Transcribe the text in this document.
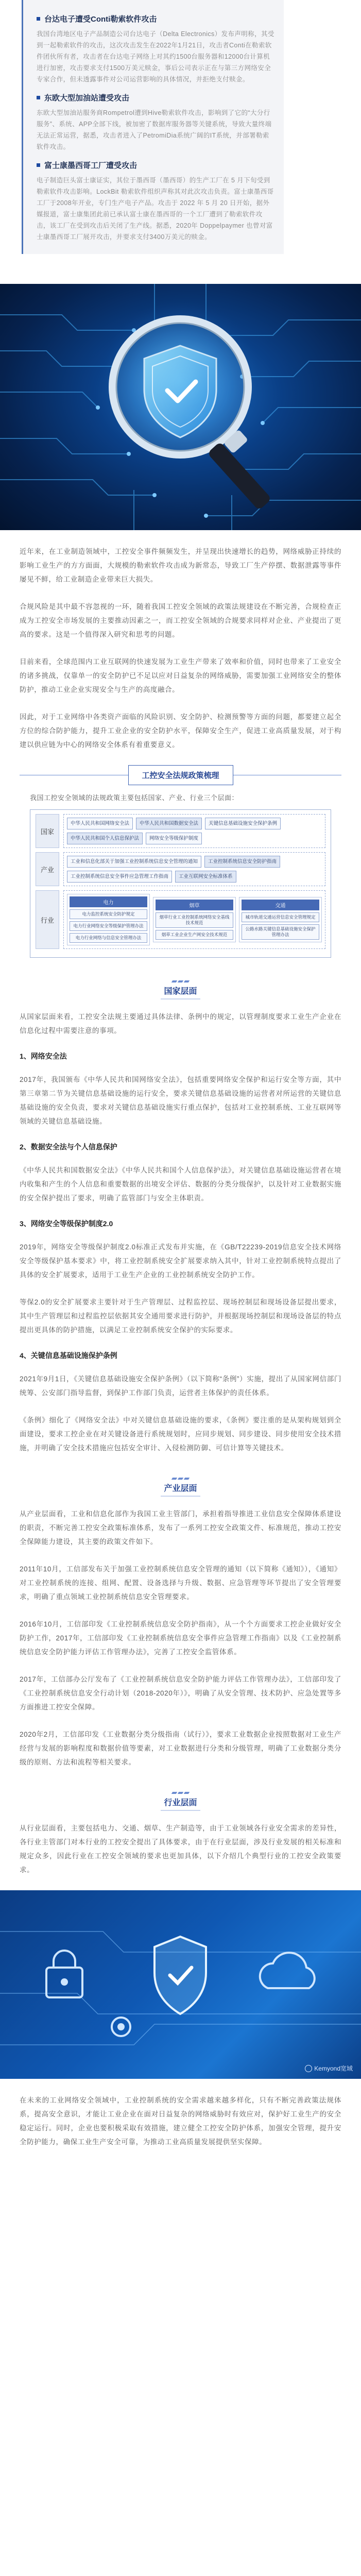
台达电子遭受Conti勒索软件攻击

我国台湾地区电子产品制造公司台达电子（Delta Electronics）发布声明称，其受到一起勒索软件的攻击，这次攻击发生在2022年1月21日，攻击者Conti在勒索软件团伙所有者，攻击者在台达电子网络上对其约1500台服务器和12000台计算机进行加密，攻击要求支付1500万美元赎金，事后公司表示正在与第三方网络安全专家合作，但未透露事件对公司运营影响的具体情况，并拒绝支付赎金。

东欧大型加油站遭受攻击

东欧大型加油站服务商Rompetrol遭到Hive勒索软件攻击，影响到了它的“大分行服务”、系统、APP全部下线，被加密了数据库服务器等关键系统，导致大量终端无法正常运营，据悉，攻击者进入了PetromiDia系统广阔的IT系统，并部署勒索软件攻击。

富士康墨西哥工厂遭受攻击

电子制造巨头富士康证实，其位于墨西哥（墨西哥）的生产工厂在 5 月下旬受到勒索软件攻击影响。LockBit 勒索软件组织声称其对此次攻击负责。富士康墨西哥工厂于2008年开业，专门生产电子产品。攻击于 2022 年 5 月 20 日开始，据外媒报道，富士康集团此前已承认富士康在墨西哥的一个工厂遭到了勒索软件攻击，该工厂在受到攻击后关闭了生产线。据悉，2020年 Doppelpaymer 也曾对富士康墨西哥工厂展开攻击，并要求支付3400万美元的赎金。

近年来，在工业制造领域中，工控安全事件频频发生，并呈现出快速增长的趋势，网络威胁正持续的影响工业生产的方方面面，大规模的勒索软件攻击成为新常态，导致工厂生产停摆、数据泄露等事件屡见不鲜，给工业制造企业带来巨大损失。
合规风险是其中最不容忽视的一环，随着我国工控安全领域的政策法规建设在不断完善，合规检查正成为工控安全市场发展的主要推动因素之一，而工控安全领域的合规要求同样对企业、产业提出了更高的要求。这是一个值得深入研究和思考的问题。
目前来看，全球范围内工业互联网的快速发展为工业生产带来了效率和价值，同时也带来了工业安全的诸多挑战，仅靠单一的安全防护已不足以应对日益复杂的网络威胁，需要加强工业网络安全的整体防护，推动工业企业实现安全与生产的高度融合。
因此，对于工业网络中各类资产面临的风险识别、安全防护、检测预警等方面的问题，都要建立起全方位的综合防护能力，提升工业企业的安全防护水平，保障安全生产，促进工业高质量发展，对于构建以供应链为中心的网络安全体系有着重要意义。
工控安全法规政策梳理
我国工控安全领域的法规政策主要包括国家、产业、行业三个层面：
国家
中华人民共和国网络安全法	中华人民共和国数据安全法	关键信息基础设施安全保护条例
中华人民共和国个人信息保护法	网络安全等级保护制度
产业
工业和信息化部关于加强工业控制系统信息安全管理的通知	工业控制系统信息安全防护指南
工业控制系统信息安全事件应急管理工作指南	工业互联网安全标准体系
行业
电力
电力监控系统安全防护规定
电力行业网络安全等级保护管理办法
电力行业网络与信息安全管理办法
烟草
烟草行业工业控制系统网络安全基线技术规范
烟草工业企业生产网安全技术规范
交通
城市轨道交通运营信息安全管理规定
公路水路关键信息基础设施安全保护管理办法
国家层面
从国家层面来看，工控安全法规主要通过具体法律、条例中的规定，以管理制度要求工业生产企业在信息化过程中需要注意的事项。
1、网络安全法
2017年，我国颁布《中华人民共和国网络安全法》，包括重要网络安全保护和运行安全等方面，其中第三章第二节为关键信息基础设施的运行安全，要求关键信息基础设施的运营者对所运营的关键信息基础设施的安全负责，要求对关键信息基础设施实行重点保护，包括对工业控制系统、工业互联网等领域的关键信息基础设施。
2、数据安全法与个人信息保护
《中华人民共和国数据安全法》《中华人民共和国个人信息保护法》，对关键信息基础设施运营者在境内收集和产生的个人信息和重要数据的出境安全评估、数据的分类分级保护，以及针对工业数据实施的安全保护提出了要求，明确了监管部门与安全主体职责。
3、网络安全等级保护制度2.0
2019年，网络安全等级保护制度2.0标准正式发布并实施，在《GB/T22239-2019信息安全技术网络安全等级保护基本要求》中，将工业控制系统安全扩展要求纳入其中，针对工业控制系统特点提出了具体的安全扩展要求，适用于工业生产企业的工业控制系统安全防护工作。
等保2.0的安全扩展要求主要针对于生产管理层、过程监控层、现场控制层和现场设备层提出要求，其中生产管理层和过程监控层依据其安全通用要求进行防护，并根据现场控制层和现场设备层的特点提出更具体的防护措施，以满足工业控制系统安全保护的实际要求。
4、关键信息基础设施保护条例
2021年9月1日，《关键信息基础设施安全保护条例》（以下简称“条例”）实施，提出了从国家网信部门统筹、公安部门指导监督，到保护工作部门负责，运营者主体保护的责任体系。
《条例》细化了《网络安全法》中对关键信息基础设施的要求，《条例》要注重的是从架构规划到全面建设，要求工控企业在对关键设备进行系统规划时，应同步规划、同步建设、同步使用安全技术措施，并明确了安全技术措施应包括安全审计、入侵检测防御、可信计算等关键技术。
产业层面
从产业层面看，工业和信息化部作为我国工业主管部门，承担着指导推进工业信息安全保障体系建设的职责，不断完善工控安全政策标准体系，发布了一系列工控安全政策文件、标准规范，推动工控安全保障能力建设，其主要的政策文件如下。
2011年10月，工信部发布关于加强工业控制系统信息安全管理的通知（以下简称《通知》），《通知》对工业控制系统的连接、组网、配置、设备选择与升级、数据、应急管理等环节提出了安全管理要求，明确了重点领域工业控制系统信息安全管理要求。
2016年10月，工信部印发《工业控制系统信息安全防护指南》，从一个个方面要求工控企业做好安全防护工作，2017年，工信部印发《工业控制系统信息安全事件应急管理工作指南》以及《工业控制系统信息安全防护能力评估工作管理办法》，完善了工控安全监管体系。
2017年，工信部办公厅发布了《工业控制系统信息安全防护能力评估工作管理办法》，工信部印发了《工业控制系统信息安全行动计划（2018-2020年）》，明确了从安全管理、技术防护、应急处置等多方面推进工控安全保障。
2020年2月，工信部印发《工业数据分类分级指南（试行）》，要求工业数据企业按照数据对工业生产经营与发展的影响程度和数据价值等要素，对工业数据进行分类和分级管理，明确了工业数据分类分级的原则、方法和流程等相关要求。
行业层面
从行业层面看，主要包括电力、交通、烟草、生产制造等，由于工业领域各行业安全需求的差异性，各行业主管部门对本行业的工控安全提出了具体要求，由于在行业层面，涉及行业发展的相关标准和规定众多，因此行业在工控安全领域的要求也更加具体，以下介绍几个典型行业的工控安全政策要求。
Kemyond宽域
在未来的工业网络安全领域中，工业控制系统的安全需求越来越多样化，只有不断完善政策法规体系，提高安全意识，才能让工业企业在面对日益复杂的网络威胁时有效应对，保护好工业生产的安全稳定运行。同时，企业也要积极采取有效措施，建立健全工控安全防护体系，加强安全管理，提升安全防护能力，确保工业生产安全可靠，为推动工业高质量发展提供坚实保障。
